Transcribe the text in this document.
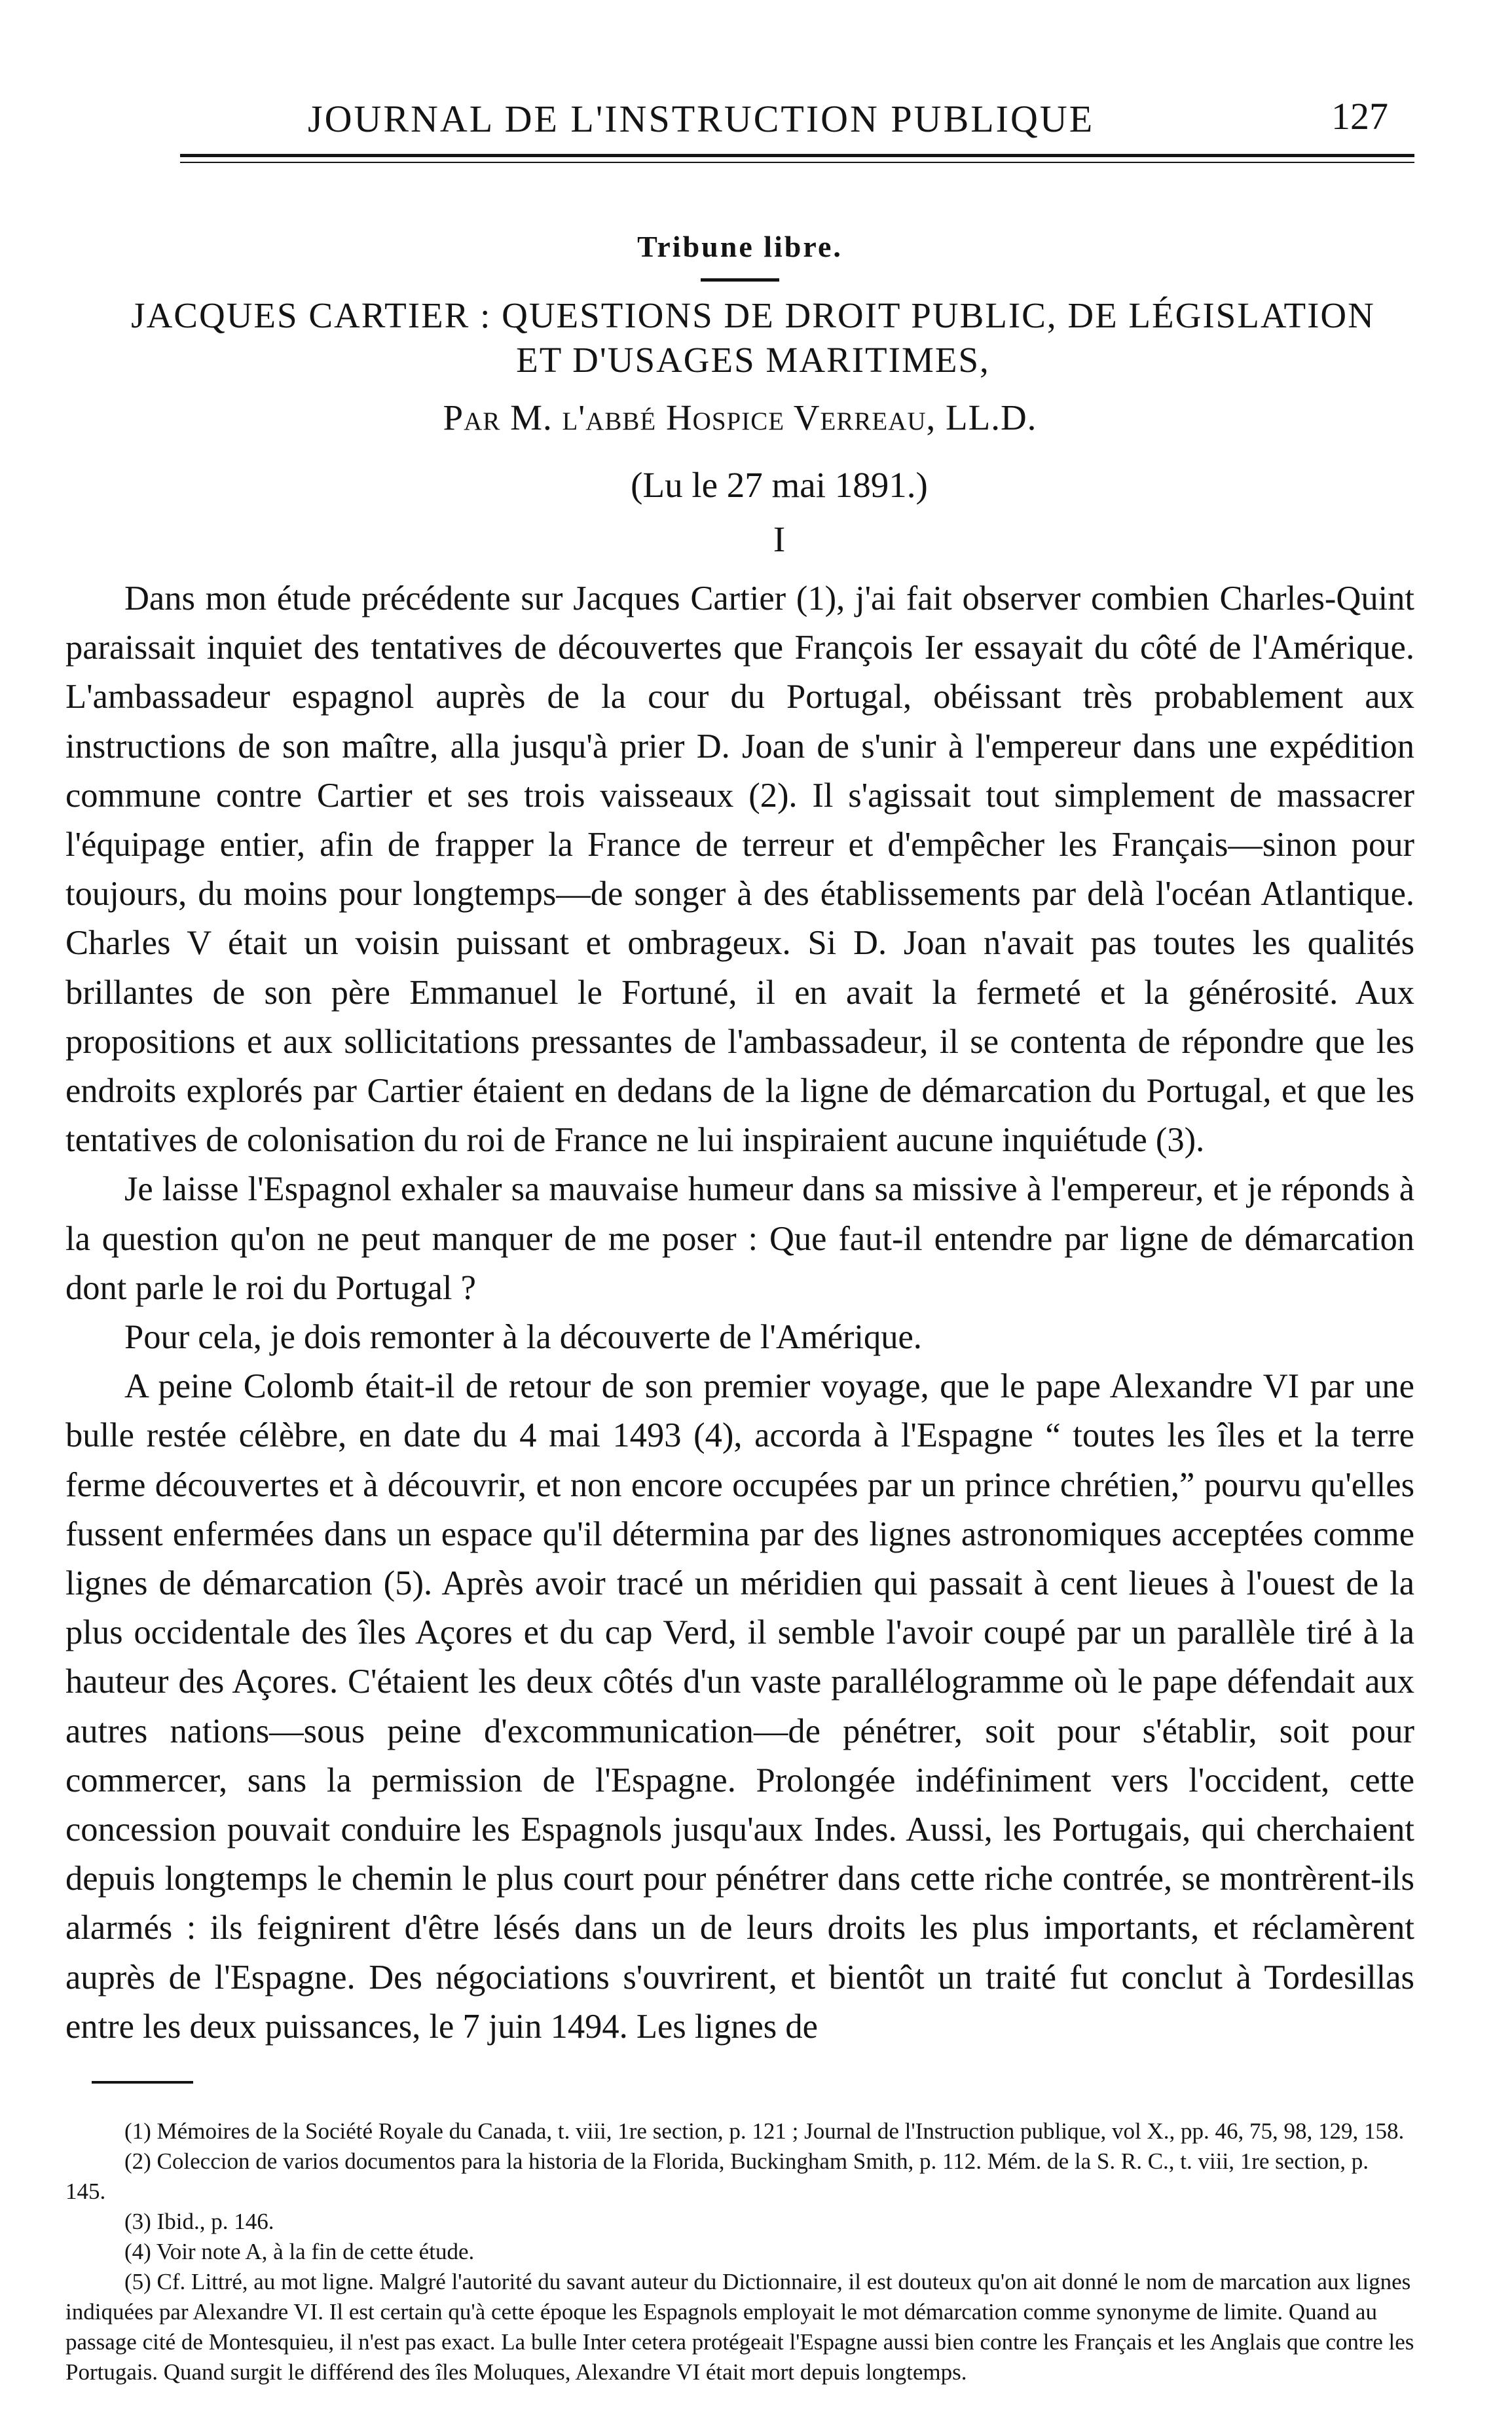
JOURNAL DE L'INSTRUCTION PUBLIQUE	127
Tribune libre.
JACQUES CARTIER : QUESTIONS DE DROIT PUBLIC, DE LÉGISLATION
ET D'USAGES MARITIMES,
Par M. l'abbé Hospice Verreau, LL.D.
(Lu le 27 mai 1891.)
I

Dans mon étude précédente sur Jacques Cartier (1), j'ai fait observer combien Charles-Quint paraissait inquiet des tentatives de découvertes que François Ier essayait du côté de l'Amérique. L'ambassadeur espagnol auprès de la cour du Portugal, obéissant très probablement aux instructions de son maître, alla jusqu'à prier D. Joan de s'unir à l'empereur dans une expédition commune contre Cartier et ses trois vaisseaux (2). Il s'agissait tout simplement de massacrer l'équipage entier, afin de frapper la France de terreur et d'empêcher les Français—sinon pour toujours, du moins pour longtemps—de songer à des établissements par delà l'océan Atlantique. Charles V était un voisin puissant et ombrageux. Si D. Joan n'avait pas toutes les qualités brillantes de son père Emmanuel le Fortuné, il en avait la fermeté et la générosité. Aux propositions et aux sollicitations pressantes de l'ambassadeur, il se contenta de répondre que les endroits explorés par Cartier étaient en dedans de la ligne de démarcation du Portugal, et que les tentatives de colonisation du roi de France ne lui inspiraient aucune inquiétude (3).

Je laisse l'Espagnol exhaler sa mauvaise humeur dans sa missive à l'empereur, et je réponds à la question qu'on ne peut manquer de me poser : Que faut-il entendre par ligne de démarcation dont parle le roi du Portugal ?

Pour cela, je dois remonter à la découverte de l'Amérique.

A peine Colomb était-il de retour de son premier voyage, que le pape Alexandre VI par une bulle restée célèbre, en date du 4 mai 1493 (4), accorda à l'Espagne “ toutes les îles et la terre ferme découvertes et à découvrir, et non encore occupées par un prince chrétien,” pourvu qu'elles fussent enfermées dans un espace qu'il détermina par des lignes astronomiques acceptées comme lignes de démarcation (5). Après avoir tracé un méridien qui passait à cent lieues à l'ouest de la plus occidentale des îles Açores et du cap Verd, il semble l'avoir coupé par un parallèle tiré à la hauteur des Açores. C'étaient les deux côtés d'un vaste parallélogramme où le pape défendait aux autres nations—sous peine d'excommunication—de pénétrer, soit pour s'établir, soit pour commercer, sans la permission de l'Espagne. Prolongée indéfiniment vers l'occident, cette concession pouvait conduire les Espagnols jusqu'aux Indes. Aussi, les Portugais, qui cherchaient depuis longtemps le chemin le plus court pour pénétrer dans cette riche contrée, se montrèrent-ils alarmés : ils feignirent d'être lésés dans un de leurs droits les plus importants, et réclamèrent auprès de l'Espagne. Des négociations s'ouvrirent, et bientôt un traité fut conclut à Tordesillas entre les deux puissances, le 7 juin 1494. Les lignes de

(1) Mémoires de la Société Royale du Canada, t. viii, 1re section, p. 121 ; Journal de l'Instruction publique, vol X., pp. 46, 75, 98, 129, 158.

(2) Coleccion de varios documentos para la historia de la Florida, Buckingham Smith, p. 112. Mém. de la S. R. C., t. viii, 1re section, p. 145.

(3) Ibid., p. 146.

(4) Voir note A, à la fin de cette étude.

(5) Cf. Littré, au mot ligne. Malgré l'autorité du savant auteur du Dictionnaire, il est douteux qu'on ait donné le nom de marcation aux lignes indiquées par Alexandre VI. Il est certain qu'à cette époque les Espagnols employait le mot démarcation comme synonyme de limite. Quand au passage cité de Montesquieu, il n'est pas exact. La bulle Inter cetera protégeait l'Espagne aussi bien contre les Français et les Anglais que contre les Portugais. Quand surgit le différend des îles Moluques, Alexandre VI était mort depuis longtemps.
